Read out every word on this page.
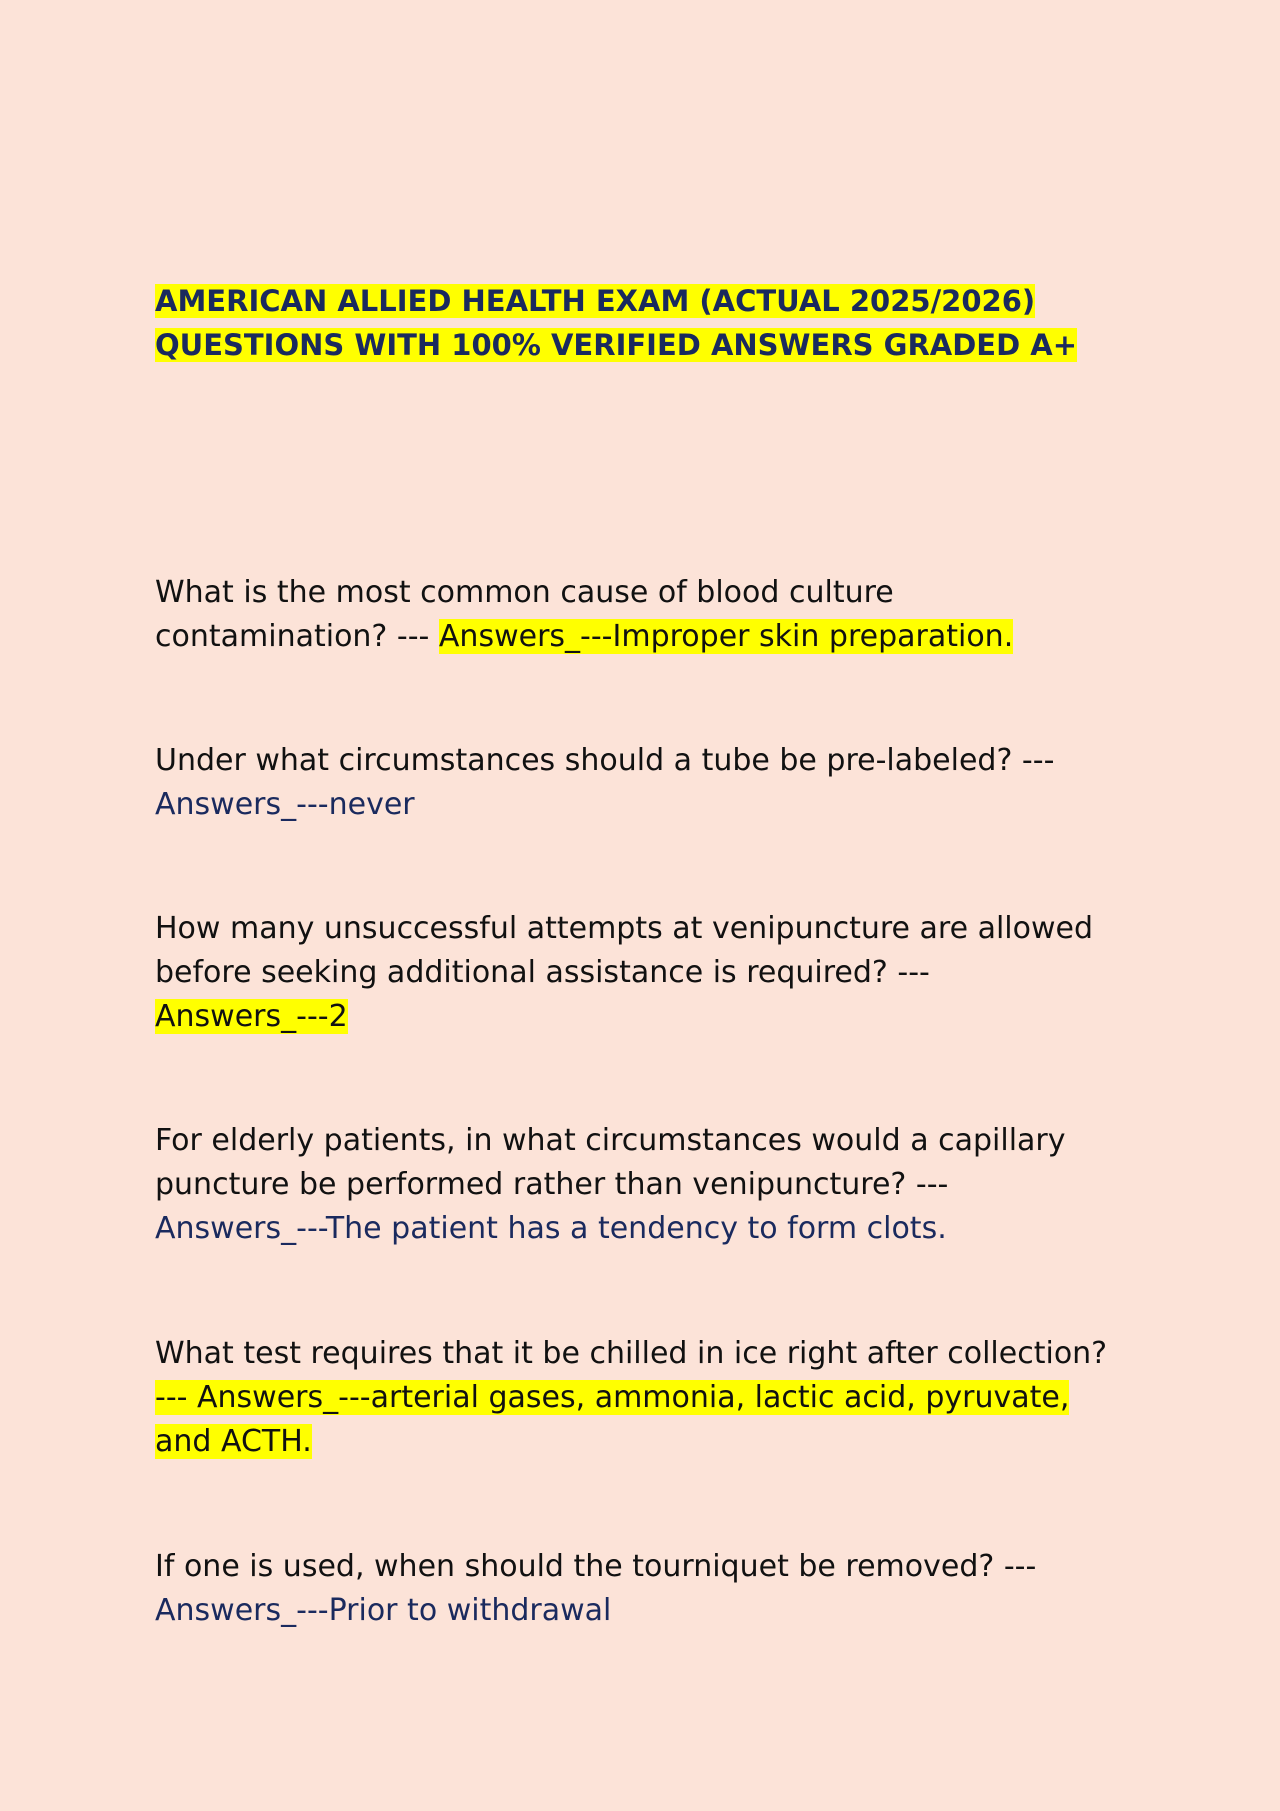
AMERICAN ALLIED HEALTH EXAM (ACTUAL 2025/2026)
QUESTIONS WITH 100% VERIFIED ANSWERS GRADED A+
What is the most common cause of blood culture
contamination? --- Answers_---Improper skin preparation.
Under what circumstances should a tube be pre-labeled? ---
Answers_---never
How many unsuccessful attempts at venipuncture are allowed
before seeking additional assistance is required? ---
Answers_---2
For elderly patients, in what circumstances would a capillary
puncture be performed rather than venipuncture? ---
Answers_---The patient has a tendency to form clots.
What test requires that it be chilled in ice right after collection?
--- Answers_---arterial gases, ammonia, lactic acid, pyruvate,
and ACTH.
If one is used, when should the tourniquet be removed? ---
Answers_---Prior to withdrawal
